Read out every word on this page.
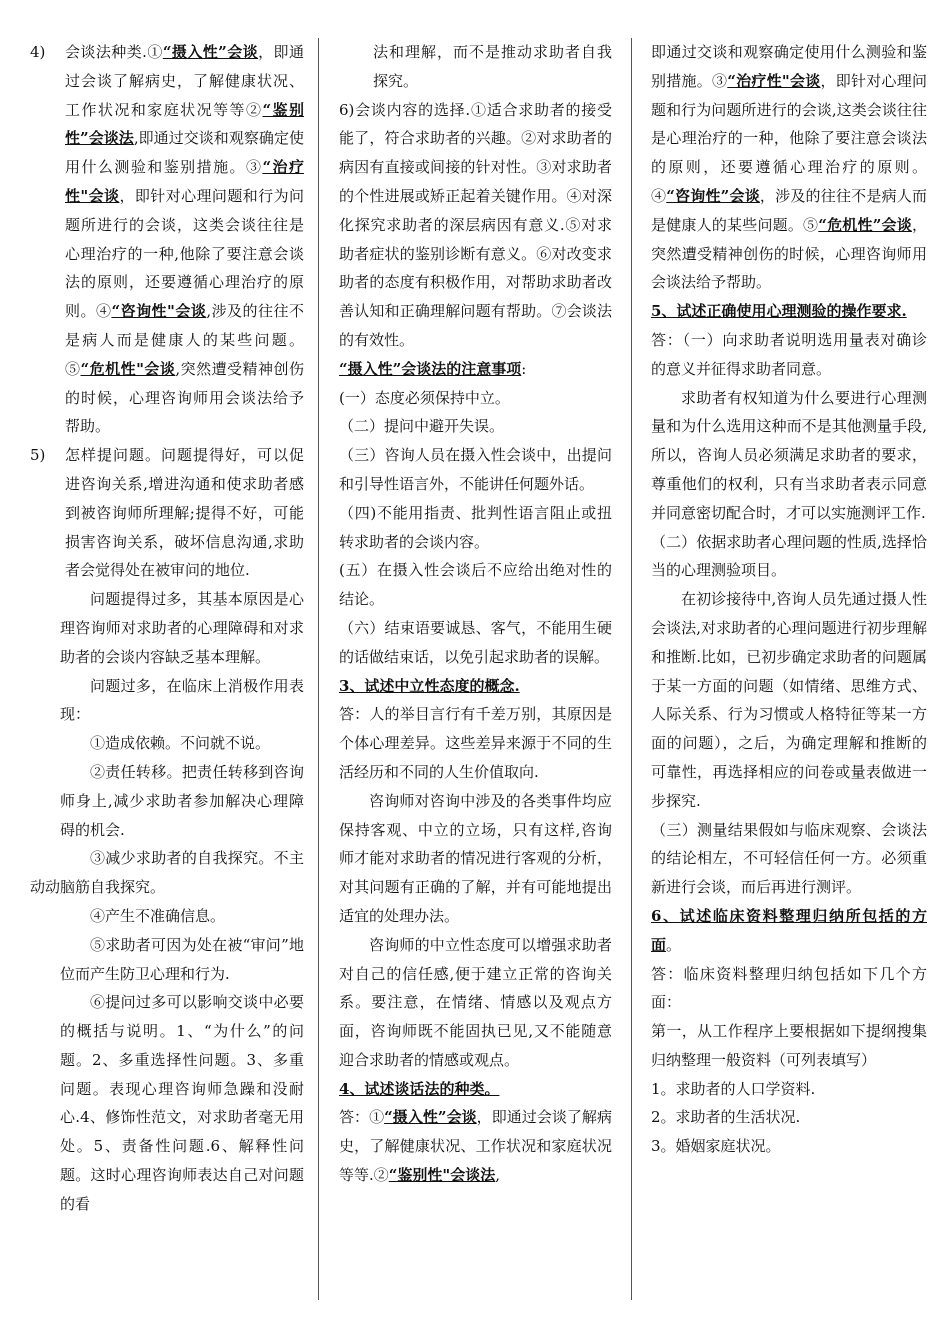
4) 会谈法种类.①“摄入性”会谈，即通过会谈了解病史，了解健康状况、工作状况和家庭状况等等②“鉴别性”会谈法,即通过交谈和观察确定使用什么测验和鉴别措施。③“治疗性"会谈，即针对心理问题和行为问题所进行的会谈，这类会谈往往是心理治疗的一种,他除了要注意会谈法的原则，还要遵循心理治疗的原则。④“咨询性"会谈,涉及的往往不是病人而是健康人的某些问题。⑤“危机性"会谈,突然遭受精神创伤的时候，心理咨询师用会谈法给予帮助。

5) 怎样提问题。问题提得好，可以促进咨询关系,增进沟通和使求助者感到被咨询师所理解;提得不好，可能损害咨询关系，破坏信息沟通,求助者会觉得处在被审问的地位.

问题提得过多，其基本原因是心理咨询师对求助者的心理障碍和对求助者的会谈内容缺乏基本理解。

问题过多，在临床上消极作用表现：

①造成依赖。不问就不说。

②责任转移。把责任转移到咨询师身上,减少求助者参加解决心理障碍的机会.

③减少求助者的自我探究。不主动动脑筋自我探究。

④产生不准确信息。

⑤求助者可因为处在被“审问”地位而产生防卫心理和行为.

⑥提问过多可以影响交谈中必要的概括与说明。1、“为什么”的问题。2、多重选择性问题。3、多重问题。表现心理咨询师急躁和没耐心.4、修饰性范文，对求助者毫无用处。5、责备性问题.6、解释性问题。这时心理咨询师表达自己对问题的看

法和理解，而不是推动求助者自我探究。

6)会谈内容的选择.①适合求助者的接受能了，符合求助者的兴趣。②对求助者的病因有直接或间接的针对性。③对求助者的个性进展或矫正起着关键作用。④对深化探究求助者的深层病因有意义.⑤对求助者症状的鉴别诊断有意义。⑥对改变求助者的态度有积极作用，对帮助求助者改善认知和正确理解问题有帮助。⑦会谈法的有效性。

“摄入性”会谈法的注意事项:

(一）态度必须保持中立。

（二）提问中避开失误。

（三）咨询人员在摄入性会谈中，出提问和引导性语言外，不能讲任何题外话。

（四)不能用指责、批判性语言阻止或扭转求助者的会谈内容。

(五）在摄入性会谈后不应给出绝对性的结论。

（六）结束语要诚恳、客气，不能用生硬的话做结束话，以免引起求助者的误解。

3、试述中立性态度的概念.

答：人的举目言行有千差万别，其原因是个体心理差异。这些差异来源于不同的生活经历和不同的人生价值取向.

咨询师对咨询中涉及的各类事件均应保持客观、中立的立场，只有这样,咨询师才能对求助者的情况进行客观的分析，对其问题有正确的了解，并有可能地提出适宜的处理办法。

咨询师的中立性态度可以增强求助者对自己的信任感,便于建立正常的咨询关系。要注意，在情绪、情感以及观点方面，咨询师既不能固执已见,又不能随意迎合求助者的情感或观点。

4、试述谈话法的种类。

答：①“摄入性”会谈，即通过会谈了解病史，了解健康状况、工作状况和家庭状况等等.②“鉴别性"会谈法,

即通过交谈和观察确定使用什么测验和鉴别措施。③“治疗性"会谈，即针对心理问题和行为问题所进行的会谈,这类会谈往往是心理治疗的一种，他除了要注意会谈法的原则，还要遵循心理治疗的原则。④“咨询性”会谈，涉及的往往不是病人而是健康人的某些问题。⑤“危机性”会谈，突然遭受精神创伤的时候，心理咨询师用会谈法给予帮助。

5、试述正确使用心理测验的操作要求.

答：（一）向求助者说明选用量表对确诊的意义并征得求助者同意。

求助者有权知道为什么要进行心理测量和为什么选用这种而不是其他测量手段,所以，咨询人员必须满足求助者的要求，尊重他们的权利，只有当求助者表示同意并同意密切配合时，才可以实施测评工作.

（二）依据求助者心理问题的性质,选择恰当的心理测验项目。

在初诊接待中,咨询人员先通过摄人性会谈法,对求助者的心理问题进行初步理解和推断.比如，已初步确定求助者的问题属于某一方面的问题（如情绪、思维方式、人际关系、行为习惯或人格特征等某一方面的问题），之后，为确定理解和推断的可靠性，再选择相应的问卷或量表做进一步探究.

（三）测量结果假如与临床观察、会谈法的结论相左，不可轻信任何一方。必须重新进行会谈，而后再进行测评。

6、试述临床资料整理归纳所包括的方面。

答：临床资料整理归纳包括如下几个方面：

第一，从工作程序上要根据如下提纲搜集归纳整理一般资料（可列表填写）

1。求助者的人口学资料.

2。求助者的生活状况.

3。婚姻家庭状况。
